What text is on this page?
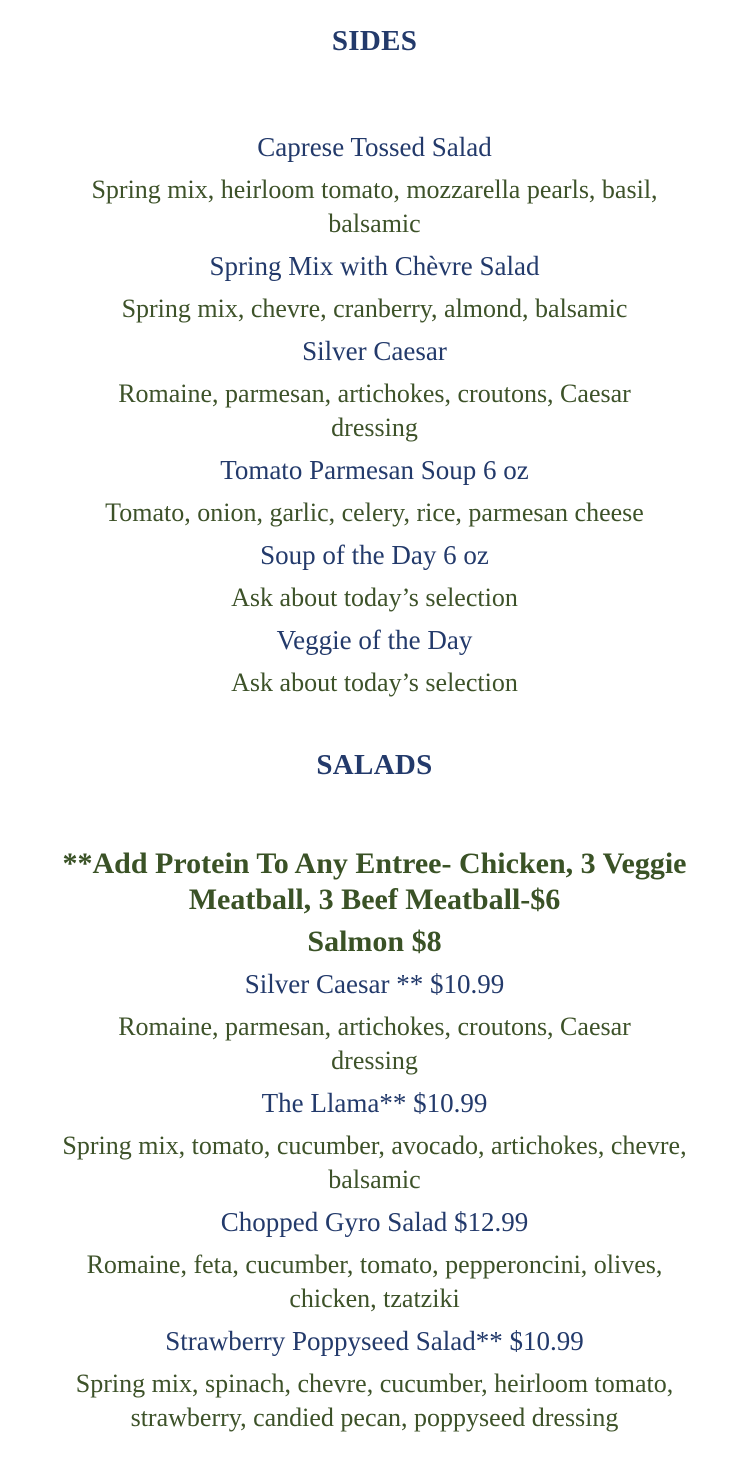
SIDES

Caprese Tossed Salad

Spring mix, heirloom tomato, mozzarella pearls, basil, balsamic

Spring Mix with Chèvre Salad

Spring mix, chevre, cranberry, almond, balsamic

Silver Caesar

Romaine, parmesan, artichokes, croutons, Caesar dressing

Tomato Parmesan Soup 6 oz

Tomato, onion, garlic, celery, rice, parmesan cheese

Soup of the Day 6 oz

Ask about today’s selection

Veggie of the Day

Ask about today’s selection

SALADS

**Add Protein To Any Entree- Chicken, 3 Veggie Meatball, 3 Beef Meatball-$6

Salmon $8

Silver Caesar ** $10.99

Romaine, parmesan, artichokes, croutons, Caesar dressing

The Llama** $10.99

Spring mix, tomato, cucumber, avocado, artichokes, chevre, balsamic

Chopped Gyro Salad $12.99

Romaine, feta, cucumber, tomato, pepperoncini, olives, chicken, tzatziki

Strawberry Poppyseed Salad** $10.99

Spring mix, spinach, chevre, cucumber, heirloom tomato, strawberry, candied pecan, poppyseed dressing
